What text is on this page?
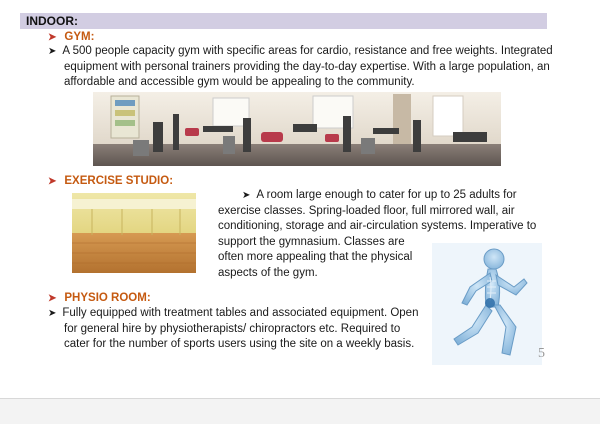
INDOOR:
➤ GYM:
➤ A 500 people capacity gym with specific areas for cardio, resistance and free weights. Integrated
equipment with personal trainers providing the day-to-day expertise. With a large population, an
affordable and accessible gym would be appealing to the community.
➤ EXERCISE STUDIO:
➤ A room large enough to cater for up to 25 adults for
exercise classes. Spring-loaded floor, full mirrored wall, air
conditioning, storage and air-circulation systems. Imperative to
support the gymnasium. Classes are
often more appealing that the physical
aspects of the gym.
➤ PHYSIO ROOM:
➤ Fully equipped with treatment tables and associated equipment. Open
for general hire by physiotherapists/ chiropractors etc. Required to
cater for the number of sports users using the site on a weekly basis.
5
